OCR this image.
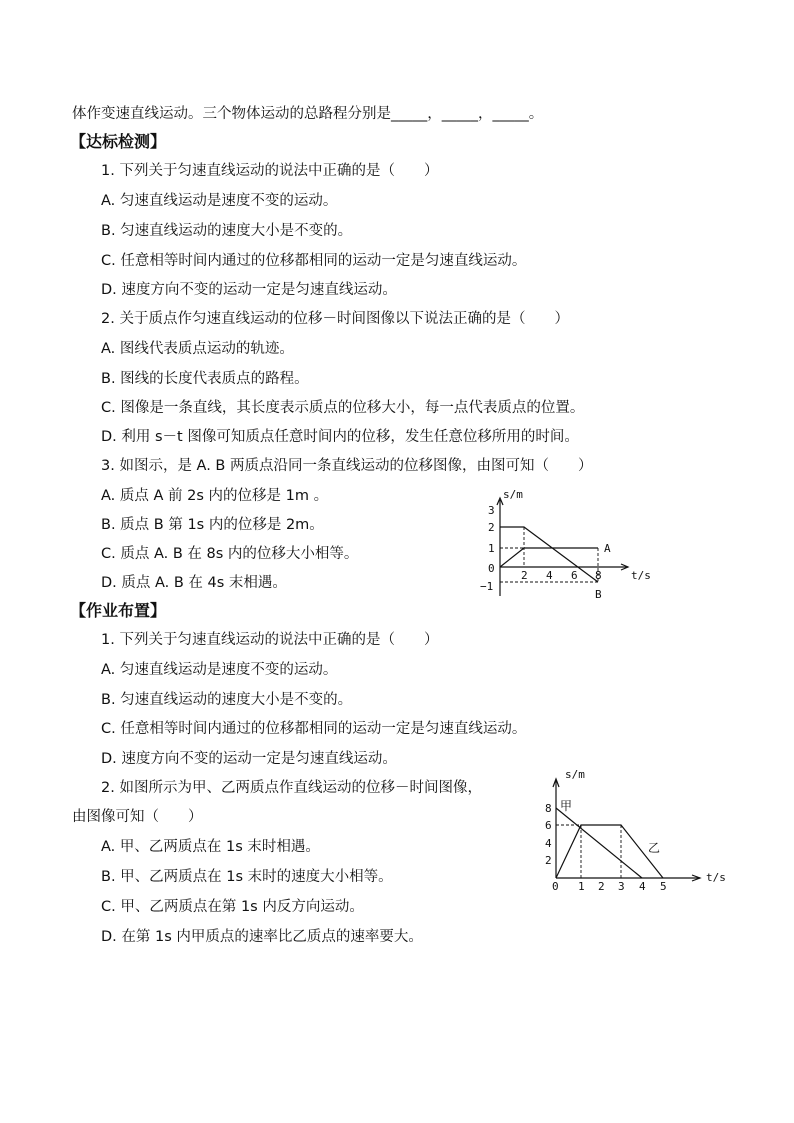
体作变速直线运动。三个物体运动的总路程分别是_____，_____，_____。
【达标检测】
1. 下列关于匀速直线运动的说法中正确的是（　　）
A. 匀速直线运动是速度不变的运动。
B. 匀速直线运动的速度大小是不变的。
C. 任意相等时间内通过的位移都相同的运动一定是匀速直线运动。
D. 速度方向不变的运动一定是匀速直线运动。
2. 关于质点作匀速直线运动的位移－时间图像以下说法正确的是（　　）
A. 图线代表质点运动的轨迹。
B. 图线的长度代表质点的路程。
C. 图像是一条直线，其长度表示质点的位移大小，每一点代表质点的位置。
D. 利用 s－t 图像可知质点任意时间内的位移，发生任意位移所用的时间。
3. 如图示，是 A. B 两质点沿同一条直线运动的位移图像，由图可知（　　）
A. 质点 A 前 2s 内的位移是 1m 。
B. 质点 B 第 1s 内的位移是 2m。
C. 质点 A. B 在 8s 内的位移大小相等。
D. 质点 A. B 在 4s 末相遇。
s/m
t/s
3
2
1
0
−1
2 4 6 8
A
B
【作业布置】
1. 下列关于匀速直线运动的说法中正确的是（　　）
A. 匀速直线运动是速度不变的运动。
B. 匀速直线运动的速度大小是不变的。
C. 任意相等时间内通过的位移都相同的运动一定是匀速直线运动。
D. 速度方向不变的运动一定是匀速直线运动。
2. 如图所示为甲、乙两质点作直线运动的位移－时间图像，
由图像可知（　　）
A. 甲、乙两质点在 1s 末时相遇。
B. 甲、乙两质点在 1s 末时的速度大小相等。
C. 甲、乙两质点在第 1s 内反方向运动。
D. 在第 1s 内甲质点的速率比乙质点的速率要大。
s/m
t/s
8
6
4
2
0 1 2 3 4 5
甲
乙
